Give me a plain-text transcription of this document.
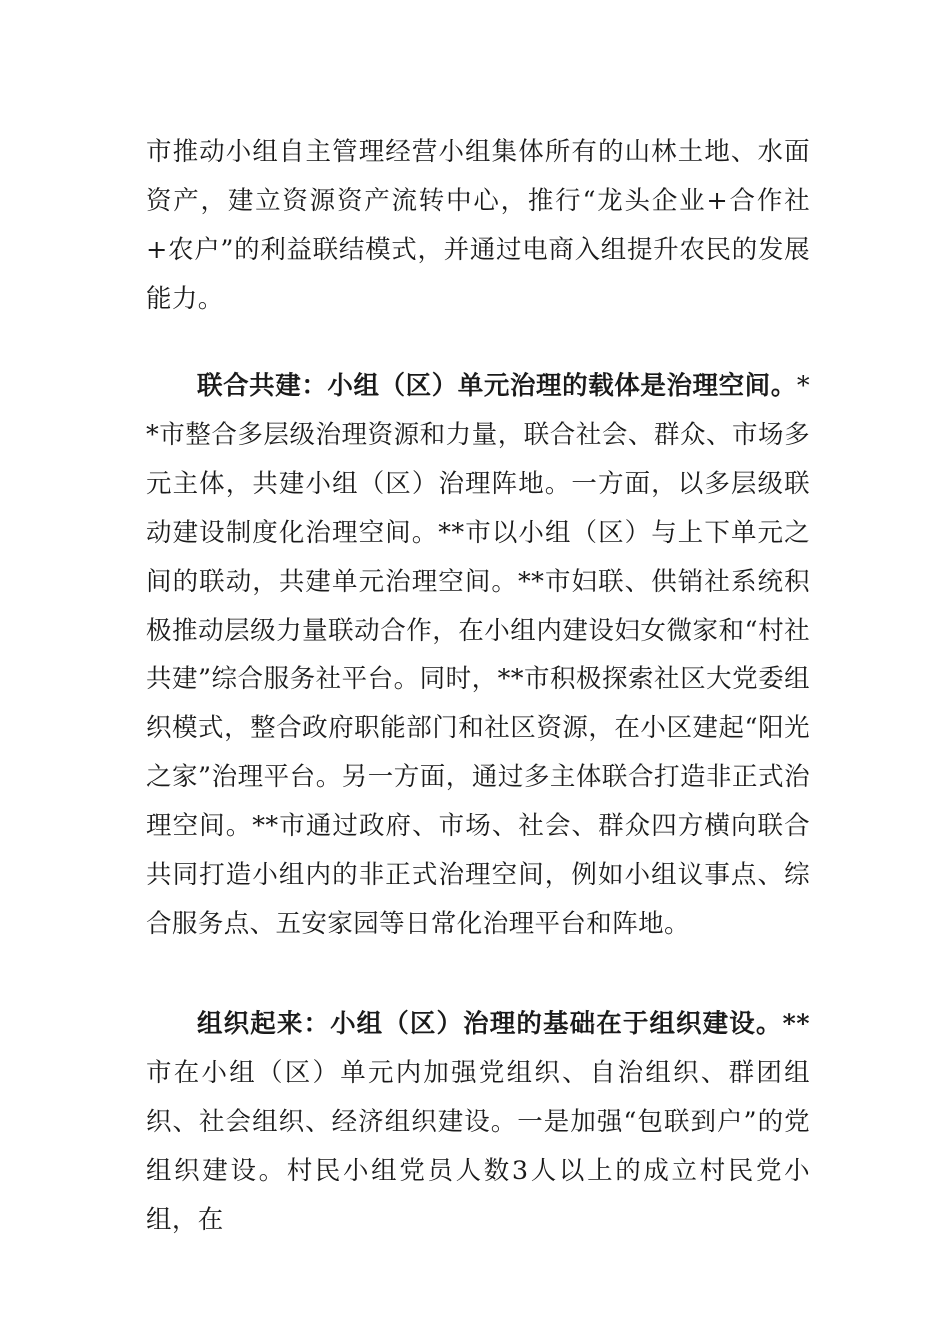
市推动小组自主管理经营小组集体所有的山林土地、水面资产，建立资源资产流转中心，推行“龙头企业+合作社+农户”的利益联结模式，并通过电商入组提升农民的发展能力。

联合共建：小组（区）单元治理的载体是治理空间。**市整合多层级治理资源和力量，联合社会、群众、市场多元主体，共建小组（区）治理阵地。一方面，以多层级联动建设制度化治理空间。**市以小组（区）与上下单元之间的联动，共建单元治理空间。**市妇联、供销社系统积极推动层级力量联动合作，在小组内建设妇女微家和“村社共建”综合服务社平台。同时，**市积极探索社区大党委组织模式，整合政府职能部门和社区资源，在小区建起“阳光之家”治理平台。另一方面，通过多主体联合打造非正式治理空间。**市通过政府、市场、社会、群众四方横向联合共同打造小组内的非正式治理空间，例如小组议事点、综合服务点、五安家园等日常化治理平台和阵地。

组织起来：小组（区）治理的基础在于组织建设。**市在小组（区）单元内加强党组织、自治组织、群团组织、社会组织、经济组织建设。一是加强“包联到户”的党组织建设。村民小组党员人数3人以上的成立村民党小组，在
